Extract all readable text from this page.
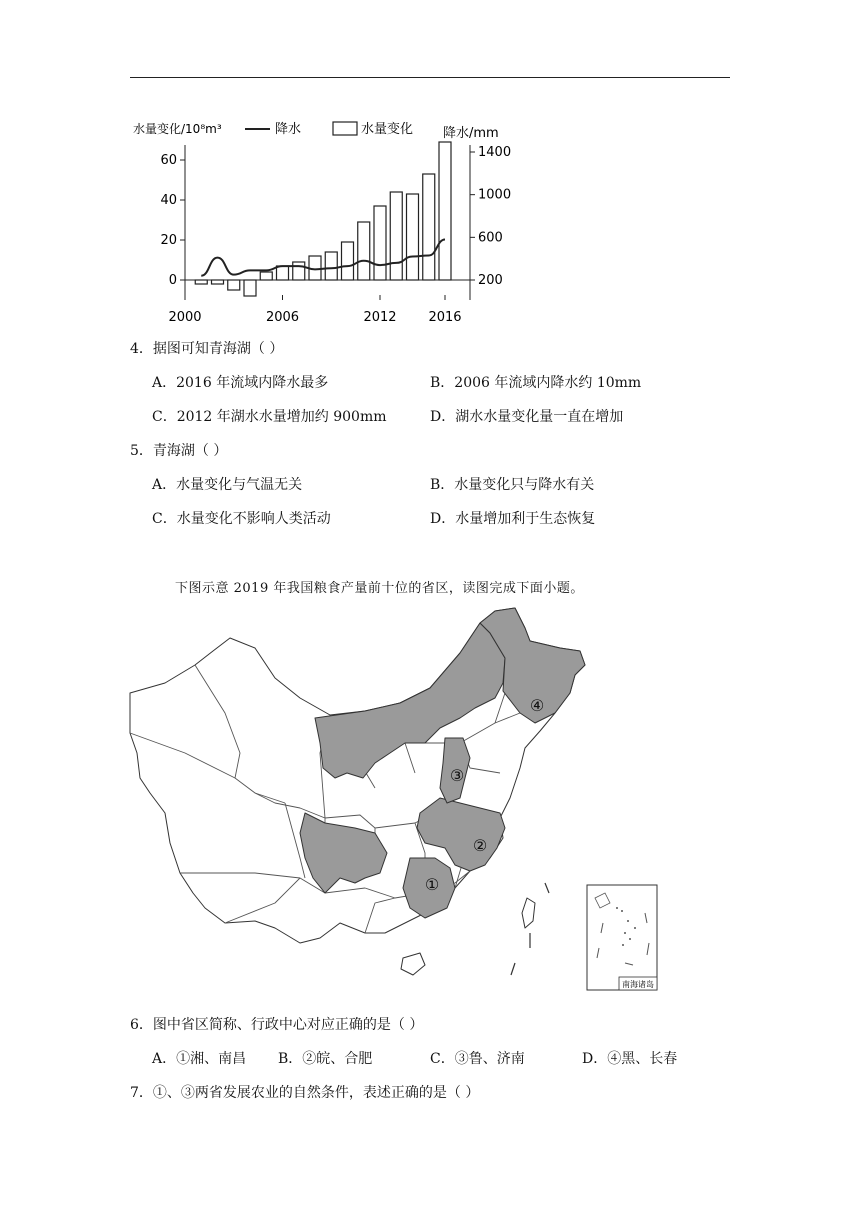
水量变化/10⁸m³	降水	水量变化 降水/mm
60
40
20
0
1400
1000
600
200
2000	2006	2012 2016
4．据图可知青海湖（ ）
A．2016 年流域内降水最多	B．2006 年流域内降水约 10mm
C．2012 年湖水水量增加约 900mm	D．湖水水量变化量一直在增加
5．青海湖（ ）
A．水量变化与气温无关	B．水量变化只与降水有关
C．水量变化不影响人类活动	D．水量增加利于生态恢复
下图示意 2019 年我国粮食产量前十位的省区，读图完成下面小题。
①
②
③
④
南海诸岛
6．图中省区简称、行政中心对应正确的是（ ）
A．①湘、南昌 B．②皖、合肥	C．③鲁、济南	D．④黑、长春
7．①、③两省发展农业的自然条件，表述正确的是（ ）
